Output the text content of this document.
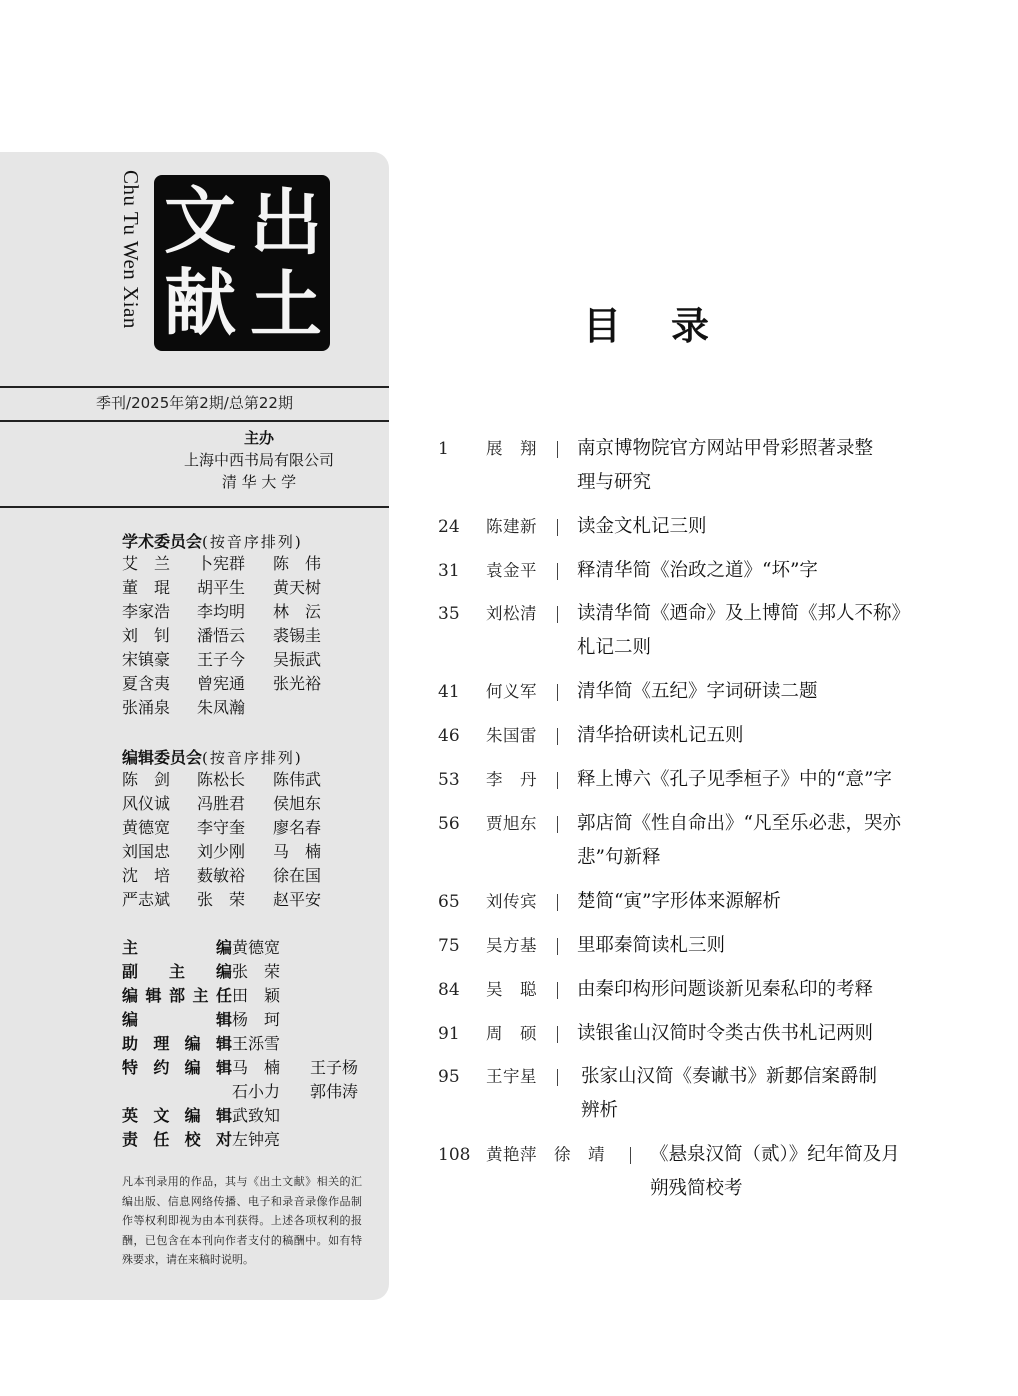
Chu Tu Wen Xian 出
土
文
献
季刊/2025年第2期/总第22期
主办
上海中西书局有限公司
清 华 大 学
学术委员会(按音序排列)
艾　兰	卜宪群	陈　伟
董　琨	胡平生	黄天树
李家浩	李均明	林　沄
刘　钊	潘悟云	裘锡圭
宋镇豪	王子今	吴振武
夏含夷	曾宪通	张光裕
张涌泉	朱凤瀚
编辑委员会(按音序排列)
陈　剑	陈松长	陈伟武
风仪诚	冯胜君	侯旭东
黄德宽	李守奎	廖名春
刘国忠	刘少刚	马　楠
沈　培	薮敏裕	徐在国
严志斌	张　荣	赵平安
主编 黄德宽
副主编 张　荣
编辑部主任 田　颖
编辑 杨　珂
助理编辑 王泺雪
特约编辑 马　楠	王子杨

石小力	郭伟涛
英文编辑 武致知
责任校对 左钟亮
凡本刊录用的作品，其与《出土文献》相关的汇编出版、信息网络传播、电子和录音录像作品制作等权利即视为由本刊获得。上述各项权利的报酬，已包含在本刊向作者支付的稿酬中。如有特殊要求，请在来稿时说明。
目录
1	展　翔 南京博物院官方网站甲骨彩照著录整
理与研究
24	陈建新 读金文札记三则
31	袁金平 释清华简《治政之道》“坏”字
35	刘松清 读清华简《迺命》及上博简《邦人不称》
札记二则
41	何义军 清华简《五纪》字词研读二题
46	朱国雷 清华拾研读札记五则
53	李　丹 释上博六《孔子见季桓子》中的“意”字
56	贾旭东 郭店简《性自命出》“凡至乐必悲，哭亦
悲”句新释
65	刘传宾 楚简“寅”字形体来源解析
75	吴方基 里耶秦简读札三则
84	吴　聪 由秦印构形问题谈新见秦私印的考释
91	周　硕 读银雀山汉简时令类古佚书札记两则
95	王宇星 张家山汉简《奏谳书》新郪信案爵制
辨析
108 黄艳萍　徐　靖 《悬泉汉简（贰）》纪年简及月
朔残简校考
